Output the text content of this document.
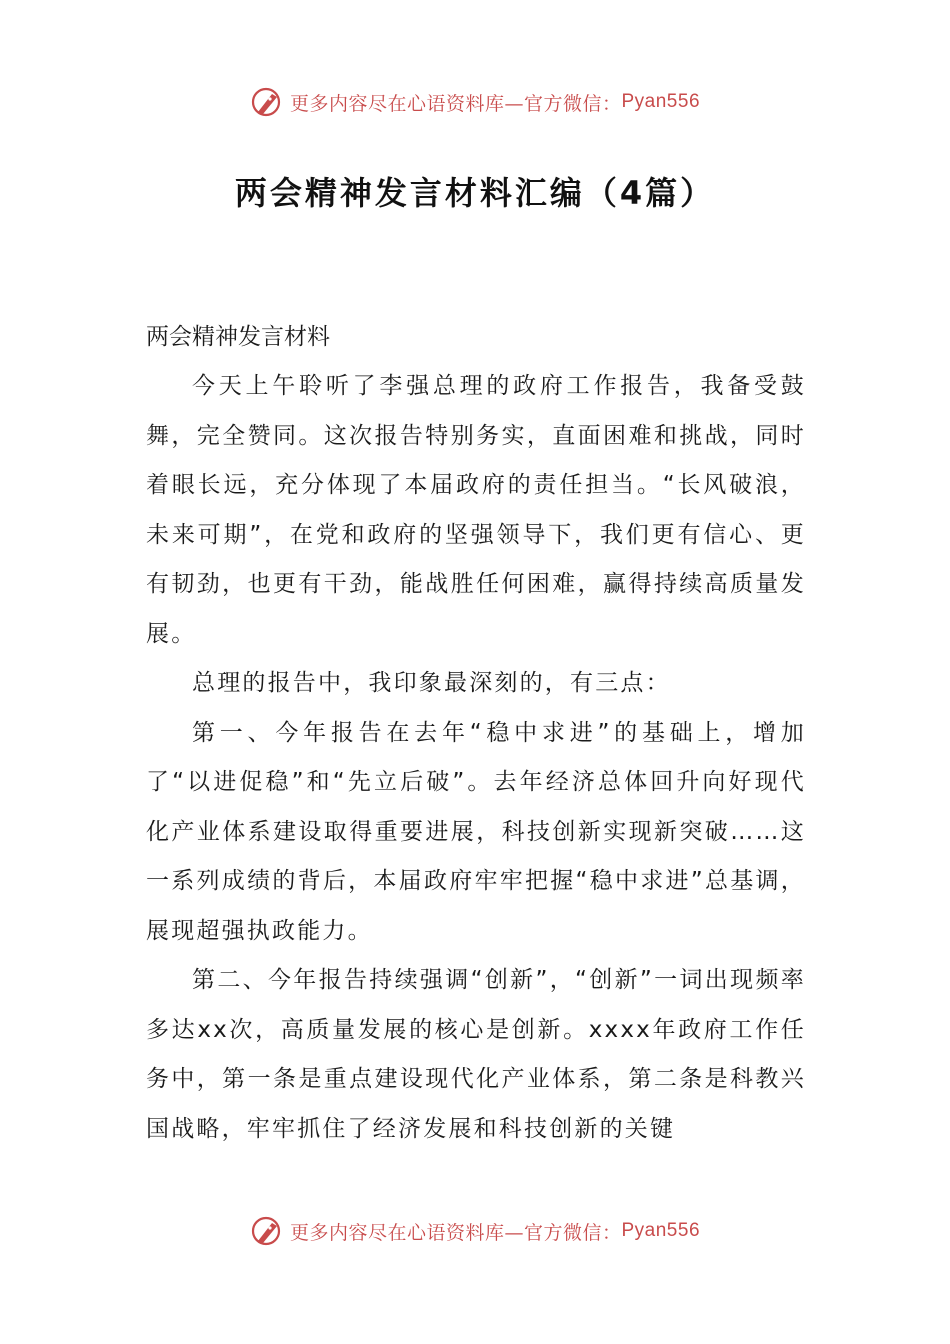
更多内容尽在心语资料库—官方微信： Pyan556
两会精神发言材料汇编（4篇）
两会精神发言材料

今天上午聆听了李强总理的政府工作报告，我备受鼓舞，完全赞同。这次报告特别务实，直面困难和挑战，同时着眼长远，充分体现了本届政府的责任担当。“长风破浪，未来可期”，在党和政府的坚强领导下，我们更有信心、更有韧劲，也更有干劲，能战胜任何困难，赢得持续高质量发展。

总理的报告中，我印象最深刻的，有三点：

第一、今年报告在去年“稳中求进”的基础上，增加了“以进促稳”和“先立后破”。去年经济总体回升向好现代化产业体系建设取得重要进展，科技创新实现新突破……这一系列成绩的背后，本届政府牢牢把握“稳中求进”总基调，展现超强执政能力。

第二、今年报告持续强调“创新”，“创新”一词出现频率多达xx次，高质量发展的核心是创新。xxxx年政府工作任务中，第一条是重点建设现代化产业体系，第二条是科教兴国战略，牢牢抓住了经济发展和科技创新的关键

更多内容尽在心语资料库—官方微信： Pyan556
